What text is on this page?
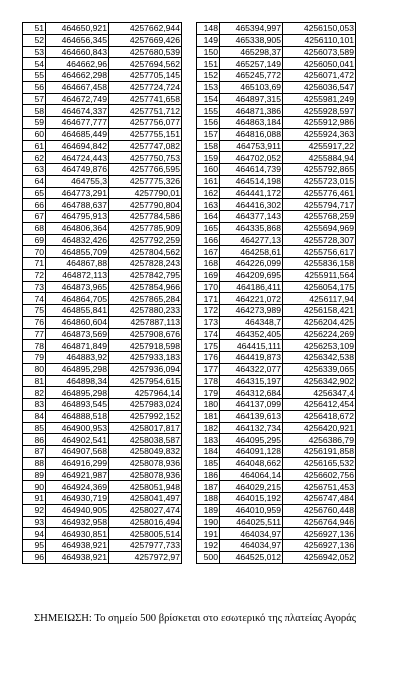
51	464650,921	4257662,944
52	464656,345	4257669,426
53	464660,843	4257680,539
54	464662,96	4257694,562
55	464662,298	4257705,145
56	464667,458	4257724,724
57	464672,749	4257741,658
58	464674,337	4257751,712
59	464677,777	4257756,077
60	464685,449	4257755,151
61	464694,842	4257747,082
62	464724,443	4257750,753
63	464749,876	4257766,595
64	464755,3	4257775,326
65	464773,291	4257790,01
66	464788,637	4257790,804
67	464795,913	4257784,586
68	464806,364	4257785,909
69	464832,426	4257792,259
70	464855,709	4257804,562
71	464867,88	4257828,243
72	464872,113	4257842,795
73	464873,965	4257854,966
74	464864,705	4257865,284
75	464855,841	4257880,233
76	464860,604	4257887,113
77	464873,569	4257908,676
78	464871,849	4257918,598
79	464883,92	4257933,183
80	464895,298	4257936,094
81	464898,34	4257954,615
82	464895,298	4257964,14
83	464893,545	4257983,024
84	464888,518	4257992,152
85	464900,953	4258017,817
86	464902,541	4258038,587
87	464907,568	4258049,832
88	464916,299	4258078,936
89	464921,987	4258078,936
90	464924,369	4258051,948
91	464930,719	4258041,497
92	464940,905	4258027,474
93	464932,958	4258016,494
94	464930,851	4258005,514
95	464938,921	4257977,733
96	464938,921	4257972,97
148	465394,997	4256150,053
149	465338,905	4256110,101
150	465298,37	4256073,589
151	465257,149	4256050,041
152	465245,772	4256071,472
153	465103,69	4256036,547
154	464897,315	4255981,249
155	464871,386	4255928,597
156	464863,184	4255912,986
157	464816,088	4255924,363
158	464753,911	4255917,22
159	464702,052	4255884,94
160	464614,739	4255792,865
161	464514,198	4255723,015
162	464441,172	4255776,461
163	464416,302	4255794,717
164	464377,143	4255768,259
165	464335,868	4255694,969
166	464277,13	4255728,307
167	464258,61	4255756,617
168	464226,099	4255836,158
169	464209,695	4255911,564
170	464186,411	4256054,175
171	464221,072	4256117,94
172	464273,989	4256158,421
173	464348,7	4256204,425
174	464352,405	4256224,269
175	464415,111	4256253,109
176	464419,873	4256342,538
177	464322,077	4256339,065
178	464315,197	4256342,902
179	464312,684	4256347,4
180	464137,099	4256412,454
181	464139,613	4256418,672
182	464132,734	4256420,921
183	464095,295	4256386,79
184	464091,128	4256191,858
185	464048,662	4256165,532
186	464064,14	4256602,756
187	464029,215	4256751,453
188	464015,192	4256747,484
189	464010,959	4256760,448
190	464025,511	4256764,946
191	464034,97	4256927,136
192	464034,97	4256927,136
500	464525,012	4256942,052
ΣΗΜΕΙΩΣΗ: Το σημείο 500 βρίσκεται στο εσωτερικό της πλατείας Αγοράς
